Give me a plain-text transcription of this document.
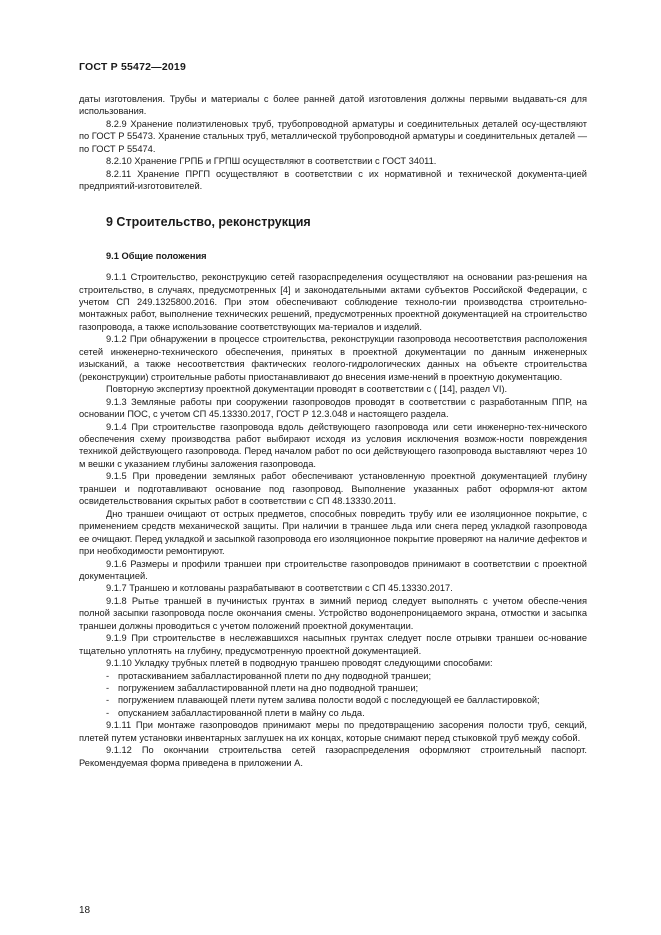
ГОСТ Р 55472—2019

даты изготовления. Трубы и материалы с более ранней датой изготовления должны первыми выдавать-ся для использования.

8.2.9 Хранение полиэтиленовых труб, трубопроводной арматуры и соединительных деталей осу-ществляют по ГОСТ Р 55473. Хранение стальных труб, металлической трубопроводной арматуры и соединительных деталей — по ГОСТ Р 55474.

8.2.10 Хранение ГРПБ и ГРПШ осуществляют в соответствии с ГОСТ 34011.

8.2.11 Хранение ПРГП осуществляют в соответствии с их нормативной и технической документа-цией предприятий-изготовителей.

9 Строительство, реконструкция
9.1 Общие положения

9.1.1 Строительство, реконструкцию сетей газораспределения осуществляют на основании раз-решения на строительство, в случаях, предусмотренных [4] и законодательными актами субъектов Российской Федерации, с учетом СП 249.1325800.2016. При этом обеспечивают соблюдение техноло-гии производства строительно-монтажных работ, выполнение технических решений, предусмотренных проектной документацией на строительство газопровода, а также использование соответствующих ма-териалов и изделий.

9.1.2 При обнаружении в процессе строительства, реконструкции газопровода несоответствия расположения сетей инженерно-технического обеспечения, принятых в проектной документации по данным инженерных изысканий, а также несоответствия фактических геолого-гидрологических данных на объекте строительства (реконструкции) строительные работы приостанавливают до внесения изме-нений в проектную документацию.

Повторную экспертизу проектной документации проводят в соответствии с ( [14], раздел VI).

9.1.3 Земляные работы при сооружении газопроводов проводят в соответствии с разработанным ППР, на основании ПОС, с учетом СП 45.13330.2017, ГОСТ Р 12.3.048 и настоящего раздела.

9.1.4 При строительстве газопровода вдоль действующего газопровода или сети инженерно-тех-нического обеспечения схему производства работ выбирают исходя из условия исключения возмож-ности повреждения техникой действующего газопровода. Перед началом работ по оси действующего газопровода выставляют через 10 м вешки с указанием глубины заложения газопровода.

9.1.5 При проведении земляных работ обеспечивают установленную проектной документацией глубину траншеи и подготавливают основание под газопровод. Выполнение указанных работ оформля-ют актом освидетельствования скрытых работ в соответствии с СП 48.13330.2011.

Дно траншеи очищают от острых предметов, способных повредить трубу или ее изоляционное покрытие, с применением средств механической защиты. При наличии в траншее льда или снега перед укладкой газопровода ее очищают. Перед укладкой и засыпкой газопровода его изоляционное покрытие проверяют на наличие дефектов и при необходимости ремонтируют.

9.1.6 Размеры и профили траншеи при строительстве газопроводов принимают в соответствии с проектной документацией.

9.1.7 Траншею и котлованы разрабатывают в соответствии с СП 45.13330.2017.

9.1.8 Рытье траншей в пучинистых грунтах в зимний период следует выполнять с учетом обеспе-чения полной засыпки газопровода после окончания смены. Устройство водонепроницаемого экрана, отмостки и засыпка траншеи должны проводиться с учетом положений проектной документации.

9.1.9 При строительстве в неслежавшихся насыпных грунтах следует после отрывки траншеи ос-нование тщательно уплотнять на глубину, предусмотренную проектной документацией.

9.1.10 Укладку трубных плетей в подводную траншею проводят следующими способами:

- протаскиванием забалластированной плети по дну подводной траншеи;
- погружением забалластированной плети на дно подводной траншеи;
- погружением плавающей плети путем залива полости водой с последующей ее балластировкой;
- опусканием забалластированной плети в майну со льда.

9.1.11 При монтаже газопроводов принимают меры по предотвращению засорения полости труб, секций, плетей путем установки инвентарных заглушек на их концах, которые снимают перед стыковкой труб между собой.

9.1.12 По окончании строительства сетей газораспределения оформляют строительный паспорт. Рекомендуемая форма приведена в приложении А.

18
